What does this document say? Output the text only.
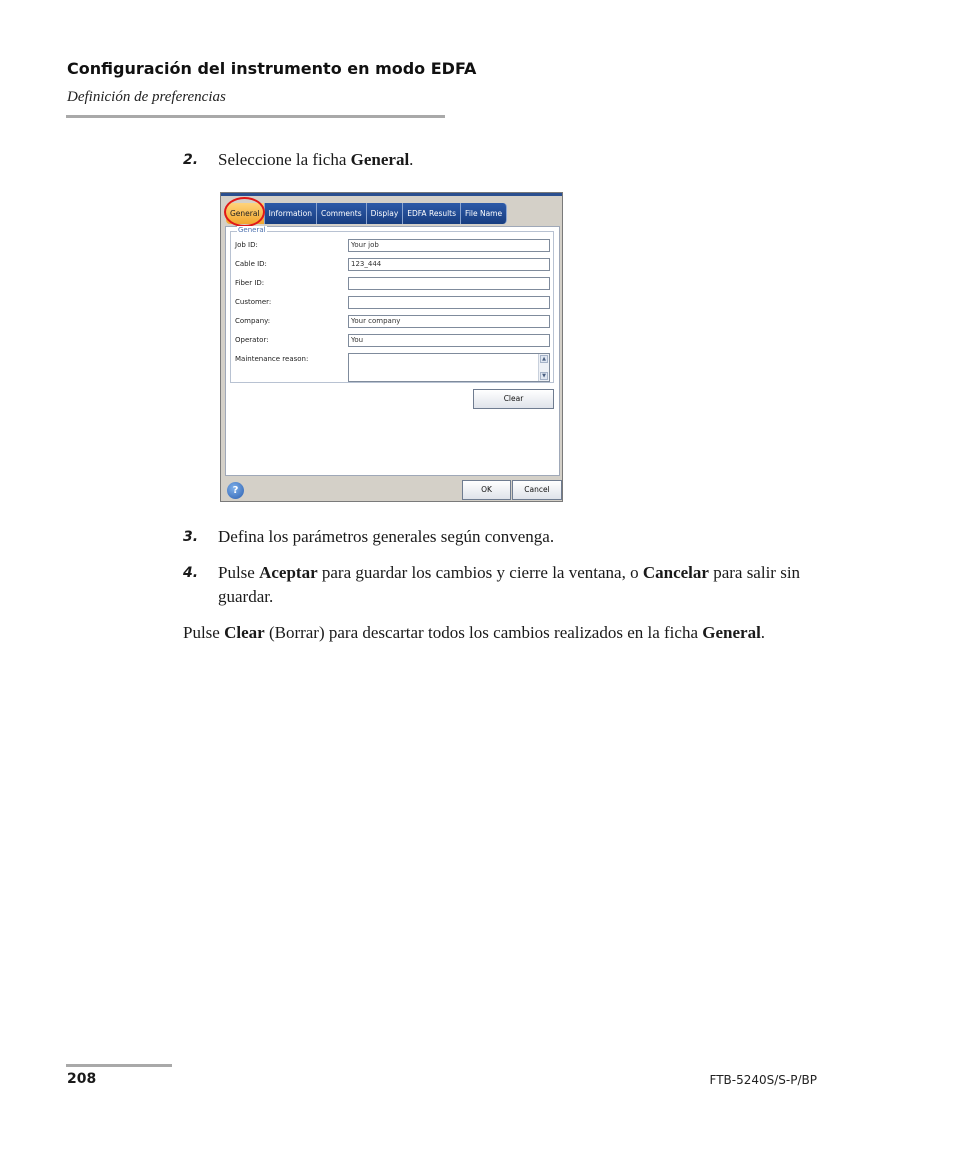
Configuración del instrumento en modo EDFA
Definición de preferencias
2. Seleccione la ficha General.
General	Information	Comments	Display	EDFA Results	File Name
General
Job ID:	Your job
Cable ID:	123_444
Fiber ID:
Customer:
Company:	Your company
Operator:	You
Maintenance reason:	▲
▼
Clear
?	OK	Cancel
3. Defina los parámetros generales según convenga.
4. Pulse Aceptar para guardar los cambios y cierre la ventana, o Cancelar para salir sin guardar.
Pulse Clear (Borrar) para descartar todos los cambios realizados en la ficha General.
208	FTB-5240S/S-P/BP
